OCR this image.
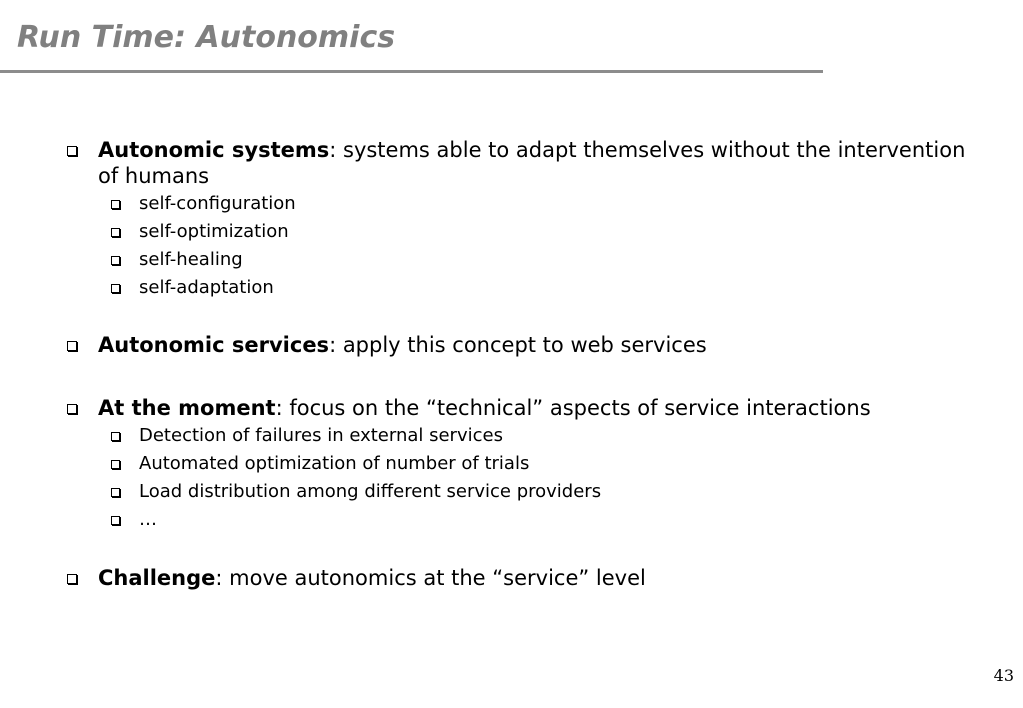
Run Time: Autonomics
Autonomic systems: systems able to adapt themselves without the intervention of humans
self-configuration
self-optimization
self-healing
self-adaptation
Autonomic services: apply this concept to web services
At the moment: focus on the “technical” aspects of service interactions
Detection of failures in external services
Automated optimization of number of trials
Load distribution among different service providers
…
Challenge: move autonomics at the “service” level
43
